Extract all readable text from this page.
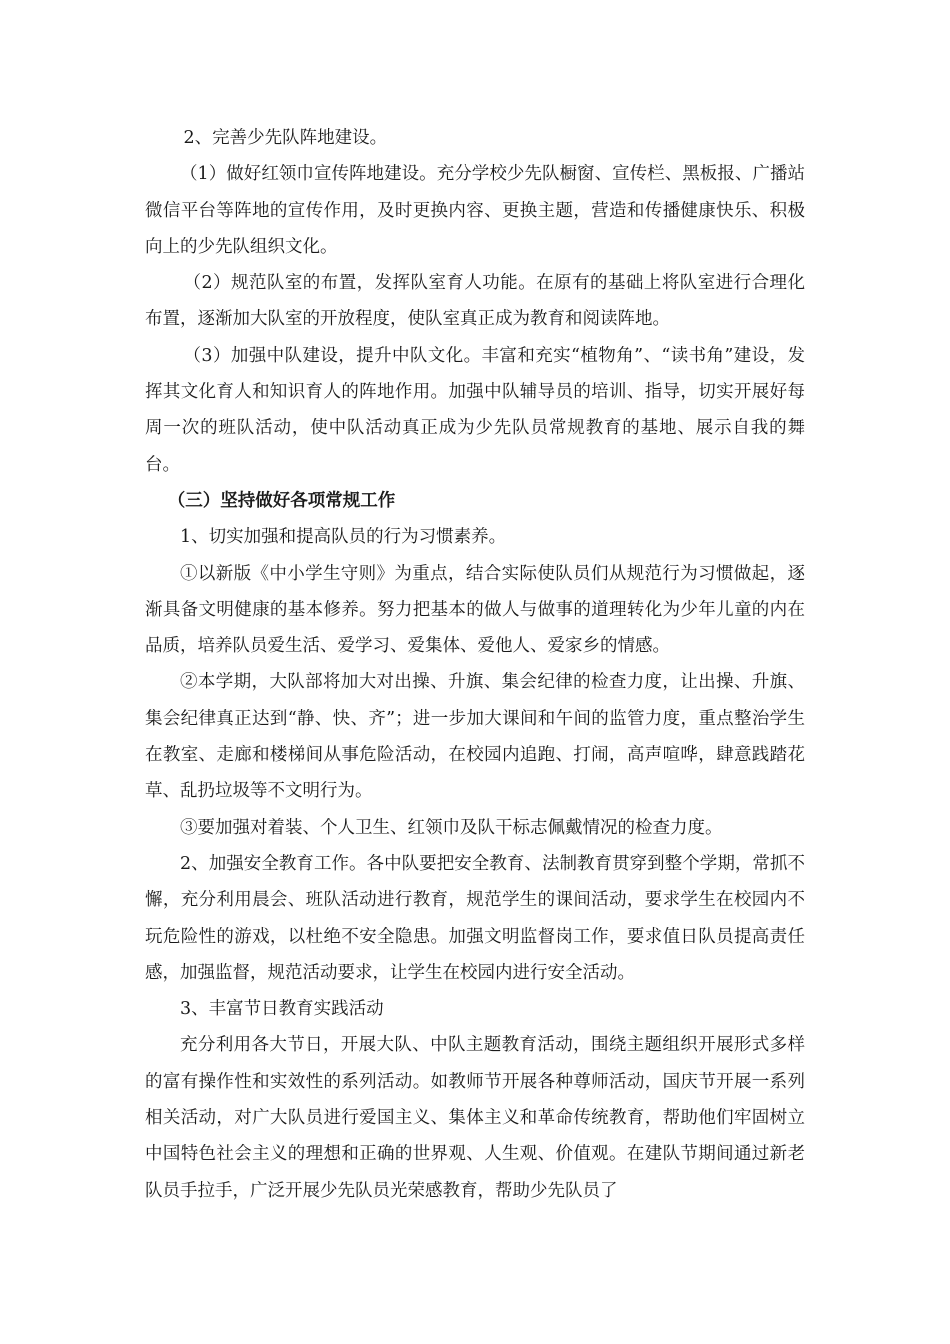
2、完善少先队阵地建设。

（1）做好红领巾宣传阵地建设。充分学校少先队橱窗、宣传栏、黑板报、广播站微信平台等阵地的宣传作用，及时更换内容、更换主题，营造和传播健康快乐、积极向上的少先队组织文化。

（2）规范队室的布置，发挥队室育人功能。在原有的基础上将队室进行合理化布置，逐渐加大队室的开放程度，使队室真正成为教育和阅读阵地。

（3）加强中队建设，提升中队文化。丰富和充实“植物角”、“读书角”建设，发挥其文化育人和知识育人的阵地作用。加强中队辅导员的培训、指导，切实开展好每周一次的班队活动，使中队活动真正成为少先队员常规教育的基地、展示自我的舞台。

（三）坚持做好各项常规工作

1、切实加强和提高队员的行为习惯素养。

①以新版《中小学生守则》为重点，结合实际使队员们从规范行为习惯做起，逐渐具备文明健康的基本修养。努力把基本的做人与做事的道理转化为少年儿童的内在品质，培养队员爱生活、爱学习、爱集体、爱他人、爱家乡的情感。

②本学期，大队部将加大对出操、升旗、集会纪律的检查力度，让出操、升旗、集会纪律真正达到“静、快、齐”；进一步加大课间和午间的监管力度，重点整治学生在教室、走廊和楼梯间从事危险活动，在校园内追跑、打闹，高声喧哗，肆意践踏花草、乱扔垃圾等不文明行为。

③要加强对着装、个人卫生、红领巾及队干标志佩戴情况的检查力度。

2、加强安全教育工作。各中队要把安全教育、法制教育贯穿到整个学期，常抓不懈，充分利用晨会、班队活动进行教育，规范学生的课间活动，要求学生在校园内不玩危险性的游戏，以杜绝不安全隐患。加强文明监督岗工作，要求值日队员提高责任感，加强监督，规范活动要求，让学生在校园内进行安全活动。

3、丰富节日教育实践活动

充分利用各大节日，开展大队、中队主题教育活动，围绕主题组织开展形式多样的富有操作性和实效性的系列活动。如教师节开展各种尊师活动，国庆节开展一系列相关活动，对广大队员进行爱国主义、集体主义和革命传统教育，帮助他们牢固树立中国特色社会主义的理想和正确的世界观、人生观、价值观。在建队节期间通过新老队员手拉手，广泛开展少先队员光荣感教育，帮助少先队员了
